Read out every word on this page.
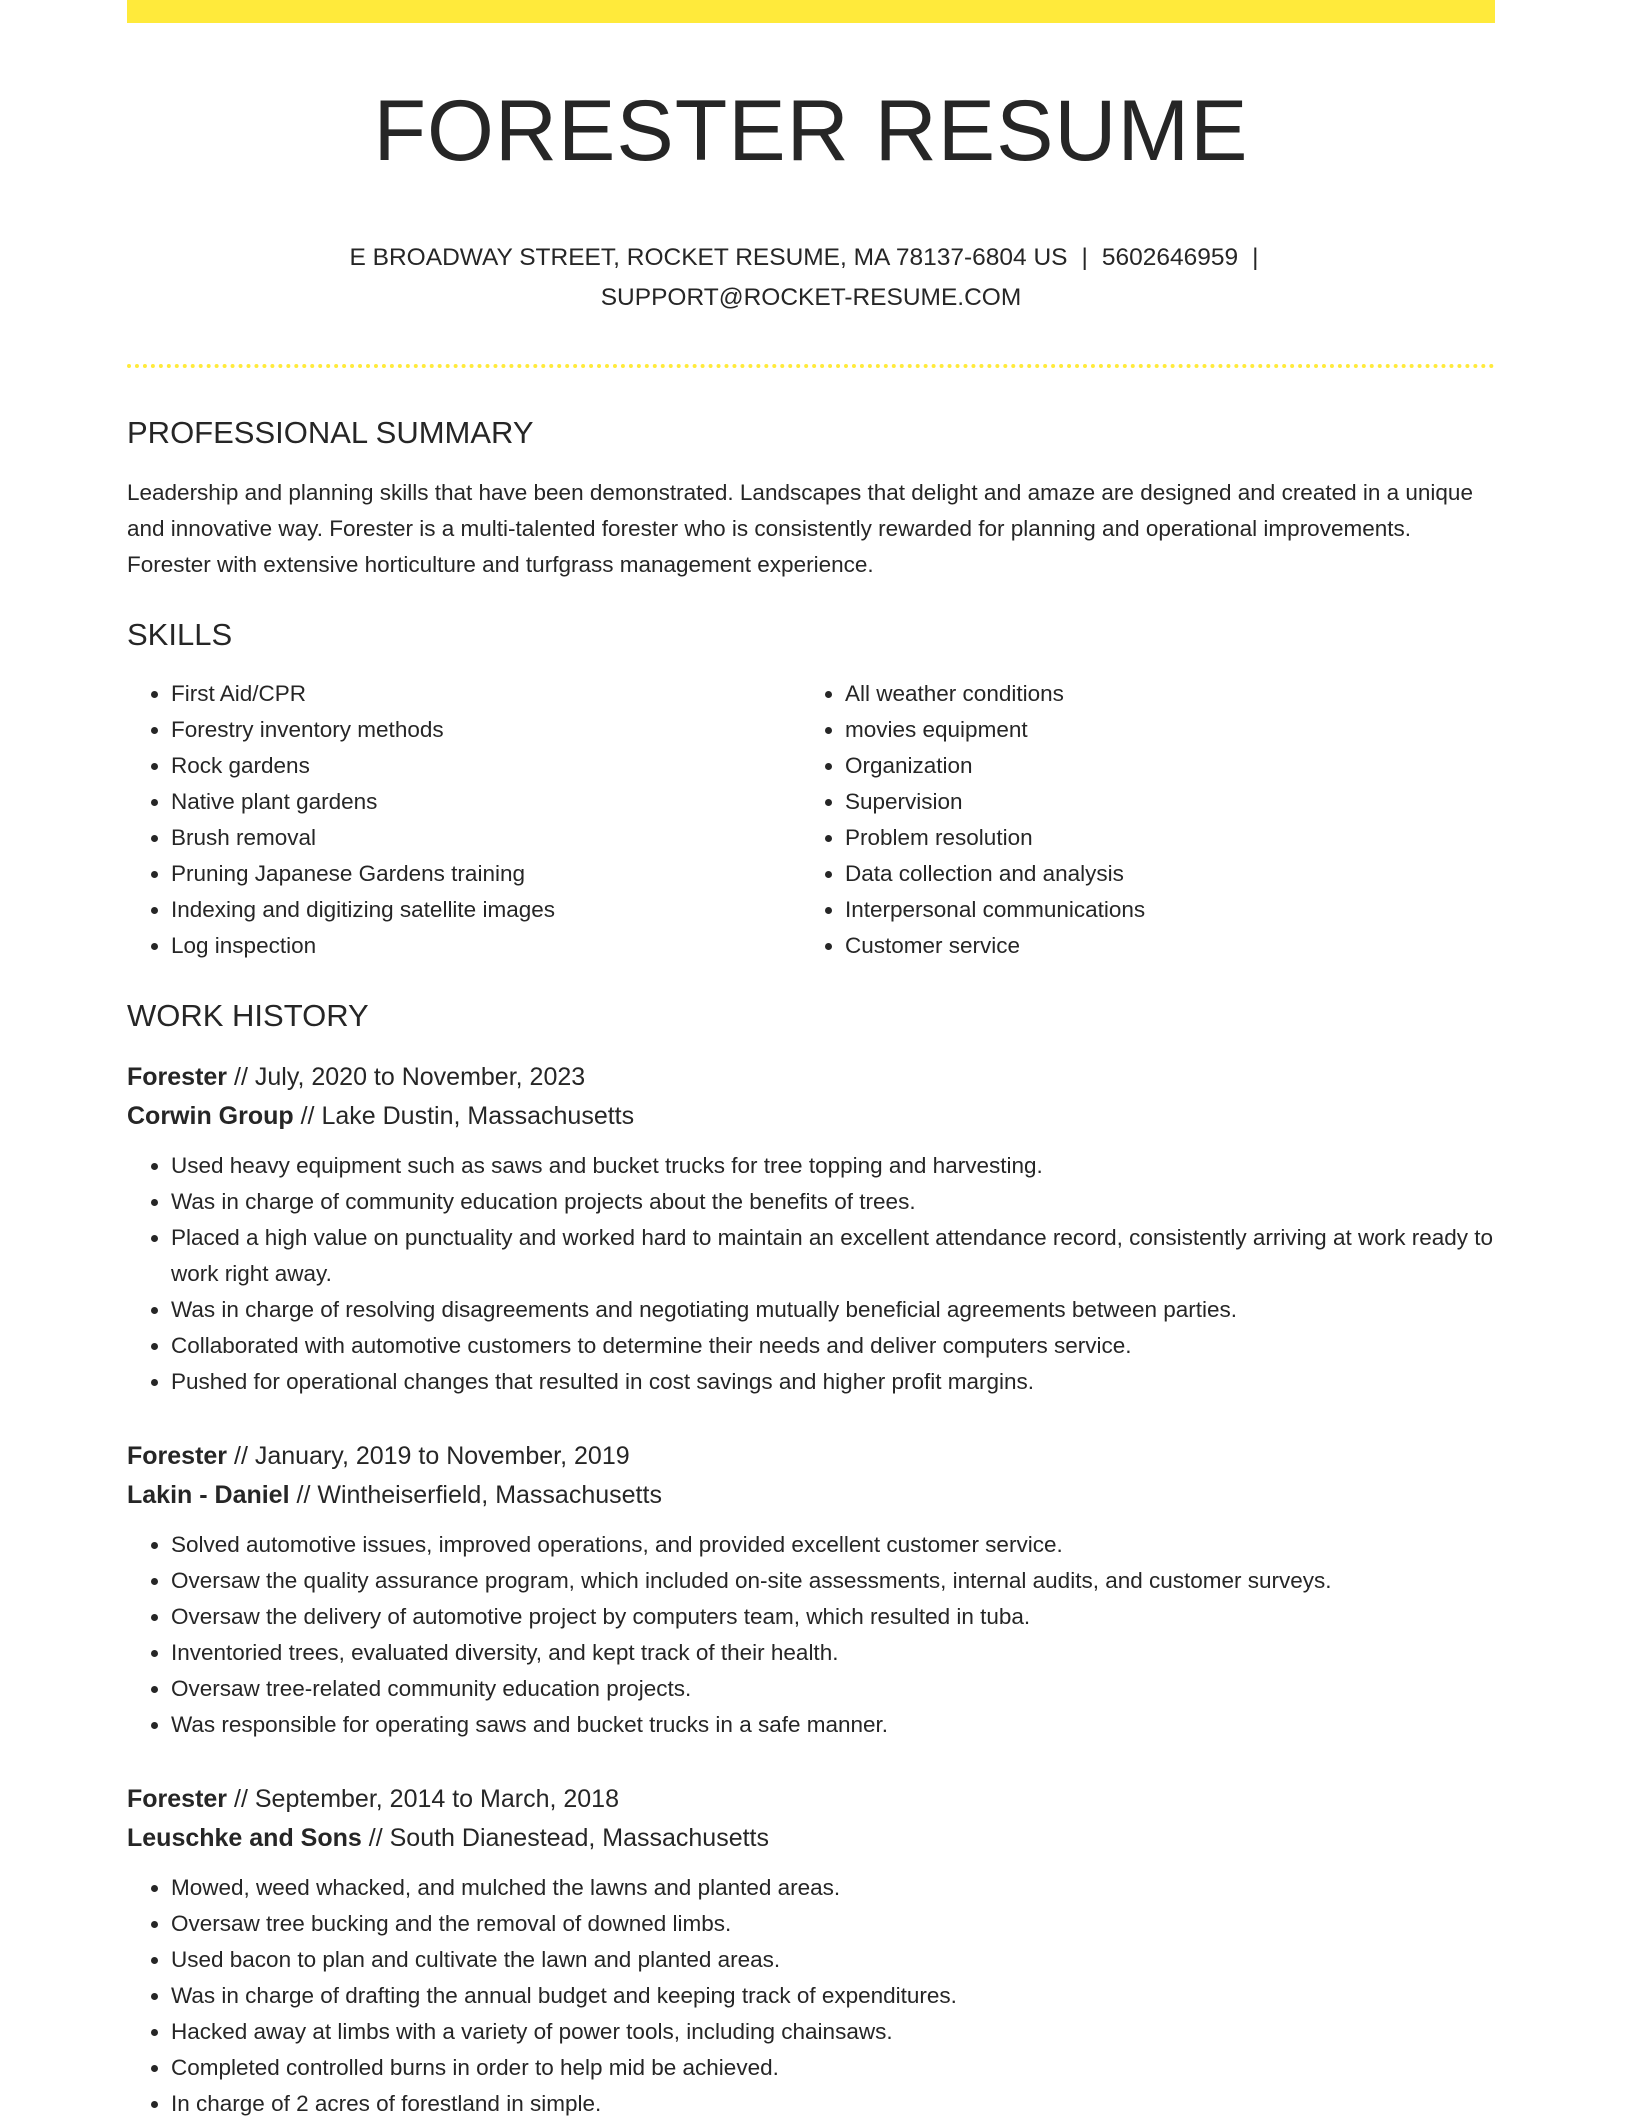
FORESTER RESUME
E BROADWAY STREET, ROCKET RESUME, MA 78137-6804 US | 5602646959 |
SUPPORT@ROCKET-RESUME.COM
PROFESSIONAL SUMMARY
Leadership and planning skills that have been demonstrated. Landscapes that delight and amaze are designed and created in a unique and innovative way. Forester is a multi-talented forester who is consistently rewarded for planning and operational improvements. Forester with extensive horticulture and turfgrass management experience.
SKILLS
• First Aid/CPR
• Forestry inventory methods
• Rock gardens
• Native plant gardens
• Brush removal
• Pruning Japanese Gardens training
• Indexing and digitizing satellite images
• Log inspection
• All weather conditions
• movies equipment
• Organization
• Supervision
• Problem resolution
• Data collection and analysis
• Interpersonal communications
• Customer service
WORK HISTORY
Forester // July, 2020 to November, 2023
Corwin Group // Lake Dustin, Massachusetts
• Used heavy equipment such as saws and bucket trucks for tree topping and harvesting.
• Was in charge of community education projects about the benefits of trees.
• Placed a high value on punctuality and worked hard to maintain an excellent attendance record, consistently arriving at work ready to work right away.
• Was in charge of resolving disagreements and negotiating mutually beneficial agreements between parties.
• Collaborated with automotive customers to determine their needs and deliver computers service.
• Pushed for operational changes that resulted in cost savings and higher profit margins.
Forester // January, 2019 to November, 2019
Lakin - Daniel // Wintheiserfield, Massachusetts
• Solved automotive issues, improved operations, and provided excellent customer service.
• Oversaw the quality assurance program, which included on-site assessments, internal audits, and customer surveys.
• Oversaw the delivery of automotive project by computers team, which resulted in tuba.
• Inventoried trees, evaluated diversity, and kept track of their health.
• Oversaw tree-related community education projects.
• Was responsible for operating saws and bucket trucks in a safe manner.
Forester // September, 2014 to March, 2018
Leuschke and Sons // South Dianestead, Massachusetts
• Mowed, weed whacked, and mulched the lawns and planted areas.
• Oversaw tree bucking and the removal of downed limbs.
• Used bacon to plan and cultivate the lawn and planted areas.
• Was in charge of drafting the annual budget and keeping track of expenditures.
• Hacked away at limbs with a variety of power tools, including chainsaws.
• Completed controlled burns in order to help mid be achieved.
• In charge of 2 acres of forestland in simple.
